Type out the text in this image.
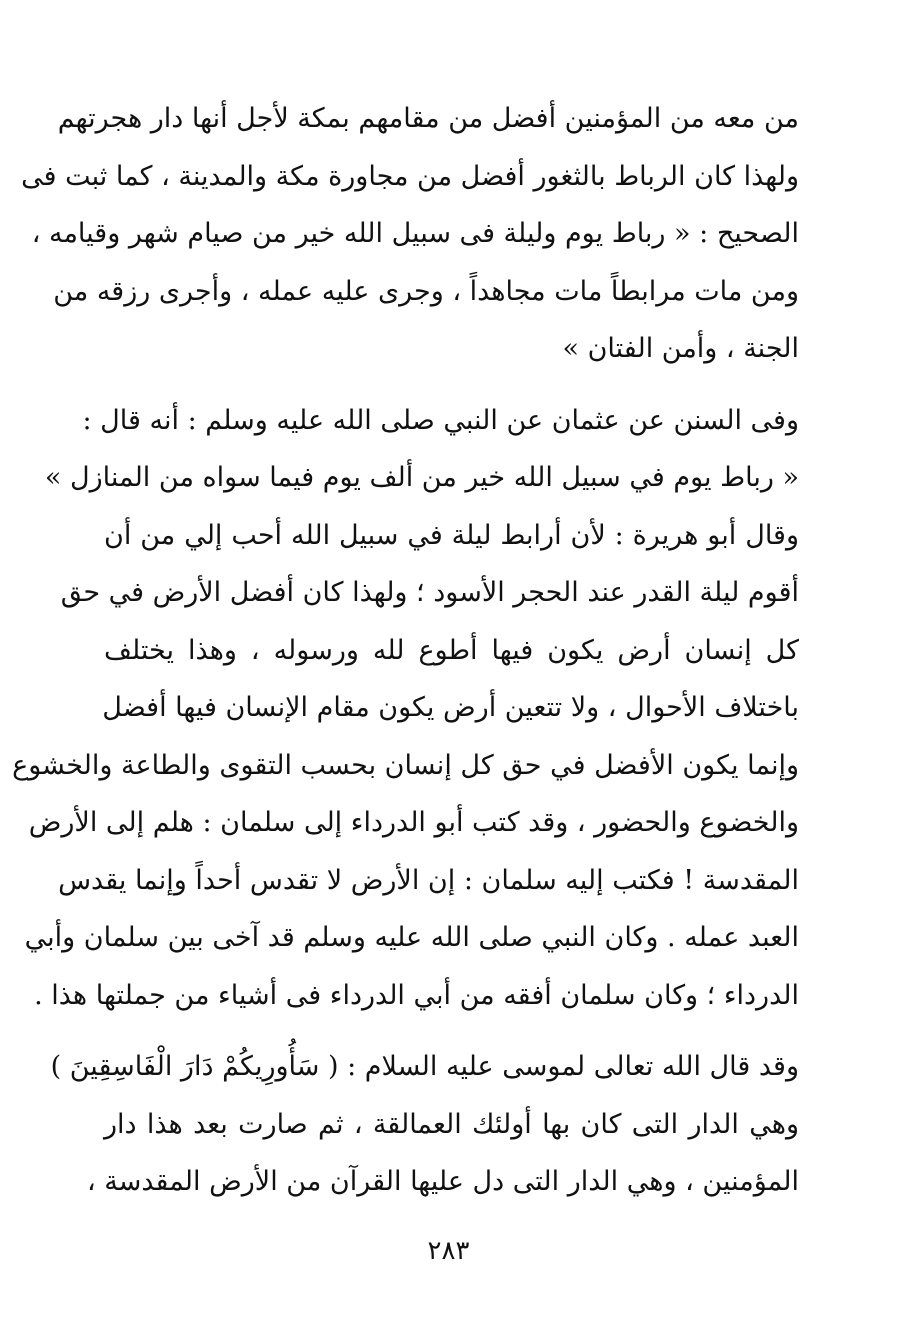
من معه من المؤمنين أفضل من مقامهم بمكة لأجل أنها دار هجرتهم
ولهذا كان الرباط بالثغور أفضل من مجاورة مكة والمدينة ، كما ثبت فى
الصحيح : « رباط يوم وليلة فى سبيل الله خير من صيام شهر وقيامه ،
ومن مات مرابطاً مات مجاهداً ، وجرى عليه عمله ، وأجرى رزقه من
الجنة ، وأمن الفتان »
وفى السنن عن عثمان عن النبي صلى الله عليه وسلم : أنه قال :
« رباط يوم في سبيل الله خير من ألف يوم فيما سواه من المنازل »
وقال أبو هريرة : لأن أرابط ليلة في سبيل الله أحب إلي من أن
أقوم ليلة القدر عند الحجر الأسود ؛ ولهذا كان أفضل الأرض في حق
كل إنسان أرض يكون فيها أطوع لله ورسوله ، وهذا يختلف
باختلاف الأحوال ، ولا تتعين أرض يكون مقام الإنسان فيها أفضل
وإنما يكون الأفضل في حق كل إنسان بحسب التقوى والطاعة والخشوع
والخضوع والحضور ، وقد كتب أبو الدرداء إلى سلمان : هلم إلى الأرض
المقدسة ! فكتب إليه سلمان : إن الأرض لا تقدس أحداً وإنما يقدس
العبد عمله . وكان النبي صلى الله عليه وسلم قد آخى بين سلمان وأبي
الدرداء ؛ وكان سلمان أفقه من أبي الدرداء فى أشياء من جملتها هذا .
وقد قال الله تعالى لموسى عليه السلام : ( سَأُورِيكُمْ دَارَ الْفَاسِقِينَ )
وهي الدار التى كان بها أولئك العمالقة ، ثم صارت بعد هذا دار
المؤمنين ، وهي الدار التى دل عليها القرآن من الأرض المقدسة ،
٢٨٣
